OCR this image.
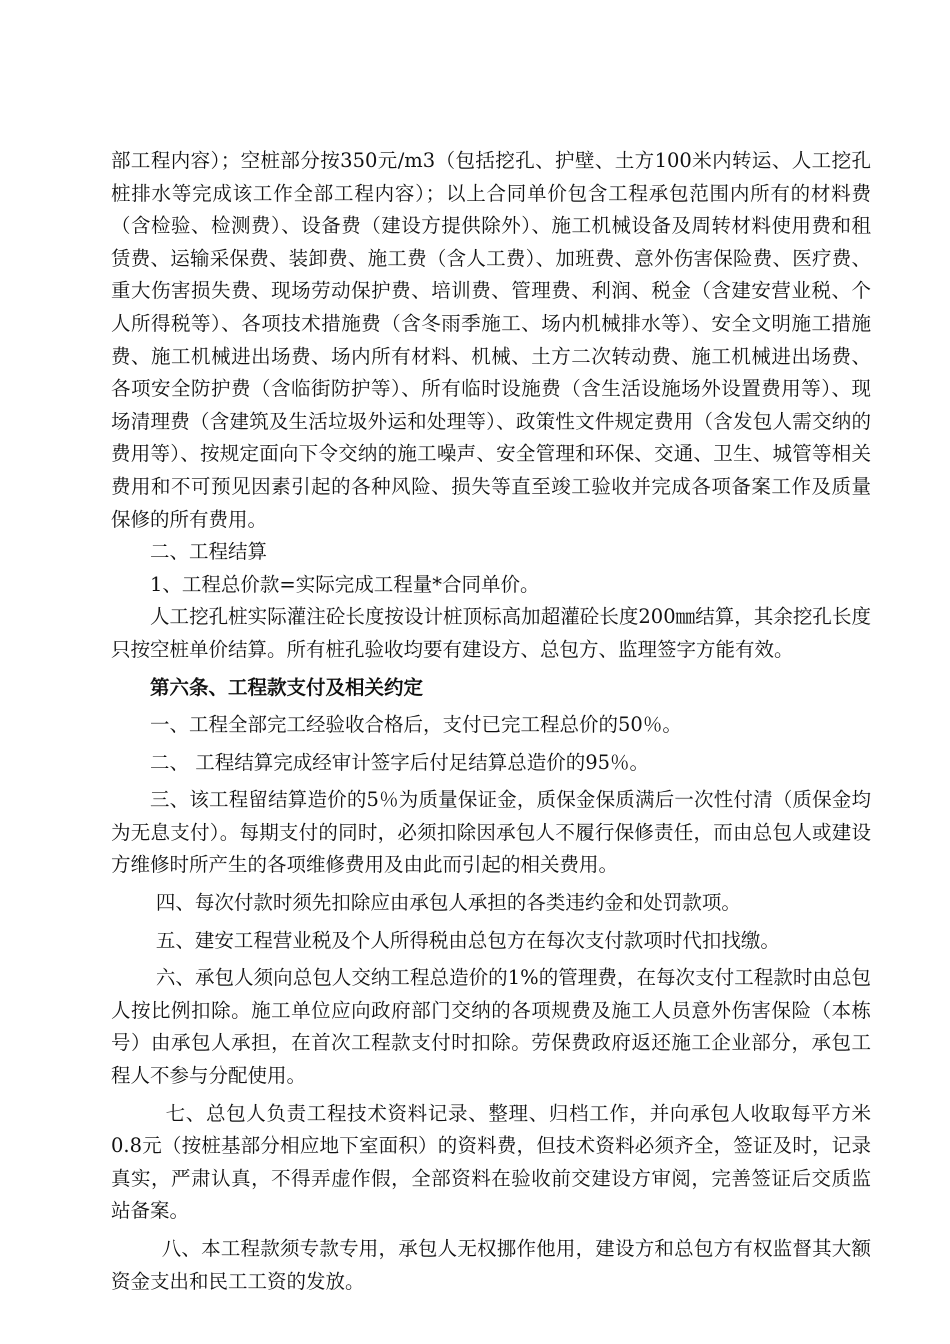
部工程内容）；空桩部分按350元/m3（包括挖孔、护壁、土方100米内转运、人工挖孔桩排水等完成该工作全部工程内容）；以上合同单价包含工程承包范围内所有的材料费（含检验、检测费）、设备费（建设方提供除外）、施工机械设备及周转材料使用费和租赁费、运输采保费、装卸费、施工费（含人工费）、加班费、意外伤害保险费、医疗费、重大伤害损失费、现场劳动保护费、培训费、管理费、利润、税金（含建安营业税、个人所得税等）、各项技术措施费（含冬雨季施工、场内机械排水等）、安全文明施工措施费、施工机械进出场费、场内所有材料、机械、土方二次转动费、施工机械进出场费、各项安全防护费（含临街防护等）、所有临时设施费（含生活设施场外设置费用等）、现场清理费（含建筑及生活垃圾外运和处理等）、政策性文件规定费用（含发包人需交纳的费用等）、按规定面向下令交纳的施工噪声、安全管理和环保、交通、卫生、城管等相关费用和不可预见因素引起的各种风险、损失等直至竣工验收并完成各项备案工作及质量保修的所有费用。

二、工程结算

1、工程总价款=实际完成工程量*合同单价。

人工挖孔桩实际灌注砼长度按设计桩顶标高加超灌砼长度200㎜结算，其余挖孔长度只按空桩单价结算。所有桩孔验收均要有建设方、总包方、监理签字方能有效。

第六条、工程款支付及相关约定

一、工程全部完工经验收合格后，支付已完工程总价的50％。

二、 工程结算完成经审计签字后付足结算总造价的95％。

三、该工程留结算造价的5％为质量保证金，质保金保质满后一次性付清（质保金均为无息支付）。每期支付的同时，必须扣除因承包人不履行保修责任，而由总包人或建设方维修时所产生的各项维修费用及由此而引起的相关费用。

四、每次付款时须先扣除应由承包人承担的各类违约金和处罚款项。

五、建安工程营业税及个人所得税由总包方在每次支付款项时代扣找缴。

六、承包人须向总包人交纳工程总造价的1%的管理费，在每次支付工程款时由总包人按比例扣除。施工单位应向政府部门交纳的各项规费及施工人员意外伤害保险（本栋号）由承包人承担，在首次工程款支付时扣除。劳保费政府返还施工企业部分，承包工程人不参与分配使用。

七、总包人负责工程技术资料记录、整理、归档工作，并向承包人收取每平方米0.8元（按桩基部分相应地下室面积）的资料费，但技术资料必须齐全，签证及时，记录真实，严肃认真，不得弄虚作假，全部资料在验收前交建设方审阅，完善签证后交质监站备案。

八、本工程款须专款专用，承包人无权挪作他用，建设方和总包方有权监督其大额资金支出和民工工资的发放。
